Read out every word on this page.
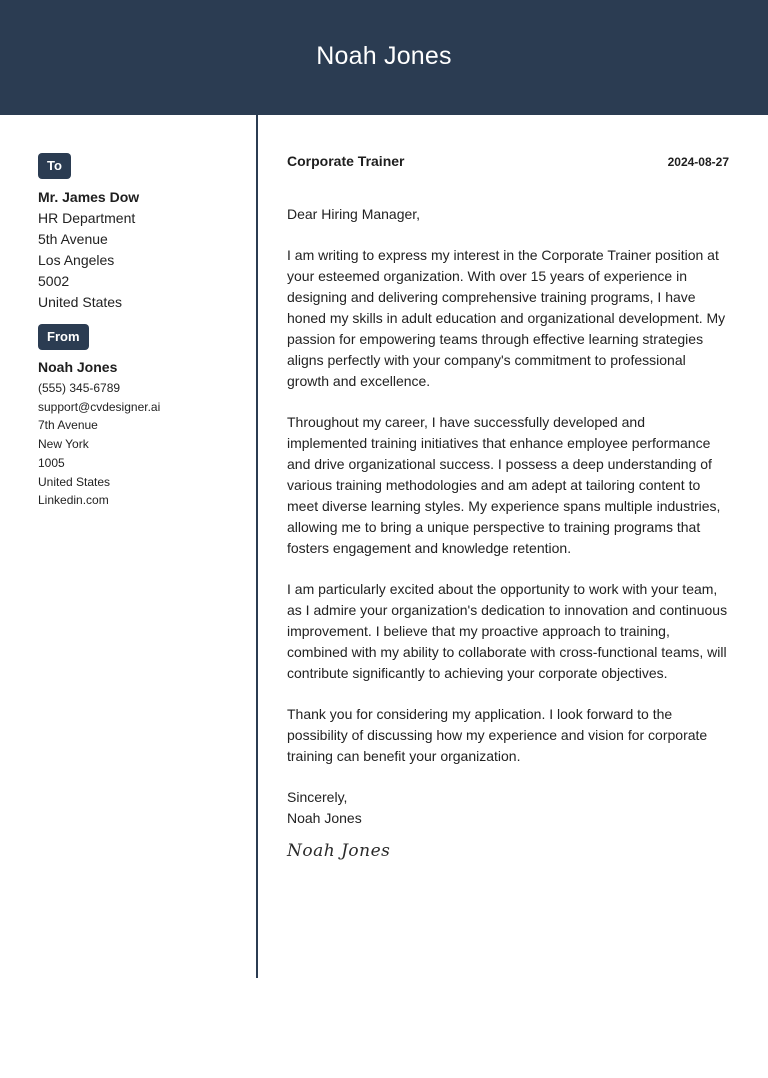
Noah Jones
To
Mr. James Dow
HR Department
5th Avenue
Los Angeles
5002
United States
From
Noah Jones
(555) 345-6789
support@cvdesigner.ai
7th Avenue
New York
1005
United States
Linkedin.com
Corporate Trainer	2024-08-27
Dear Hiring Manager,
I am writing to express my interest in the Corporate Trainer position at your esteemed organization. With over 15 years of experience in designing and delivering comprehensive training programs, I have honed my skills in adult education and organizational development. My passion for empowering teams through effective learning strategies aligns perfectly with your company's commitment to professional growth and excellence.
Throughout my career, I have successfully developed and implemented training initiatives that enhance employee performance and drive organizational success. I possess a deep understanding of various training methodologies and am adept at tailoring content to meet diverse learning styles. My experience spans multiple industries, allowing me to bring a unique perspective to training programs that fosters engagement and knowledge retention.
I am particularly excited about the opportunity to work with your team, as I admire your organization's dedication to innovation and continuous improvement. I believe that my proactive approach to training, combined with my ability to collaborate with cross-functional teams, will contribute significantly to achieving your corporate objectives.
Thank you for considering my application. I look forward to the possibility of discussing how my experience and vision for corporate training can benefit your organization.
Sincerely,
Noah Jones
Noah Jones
